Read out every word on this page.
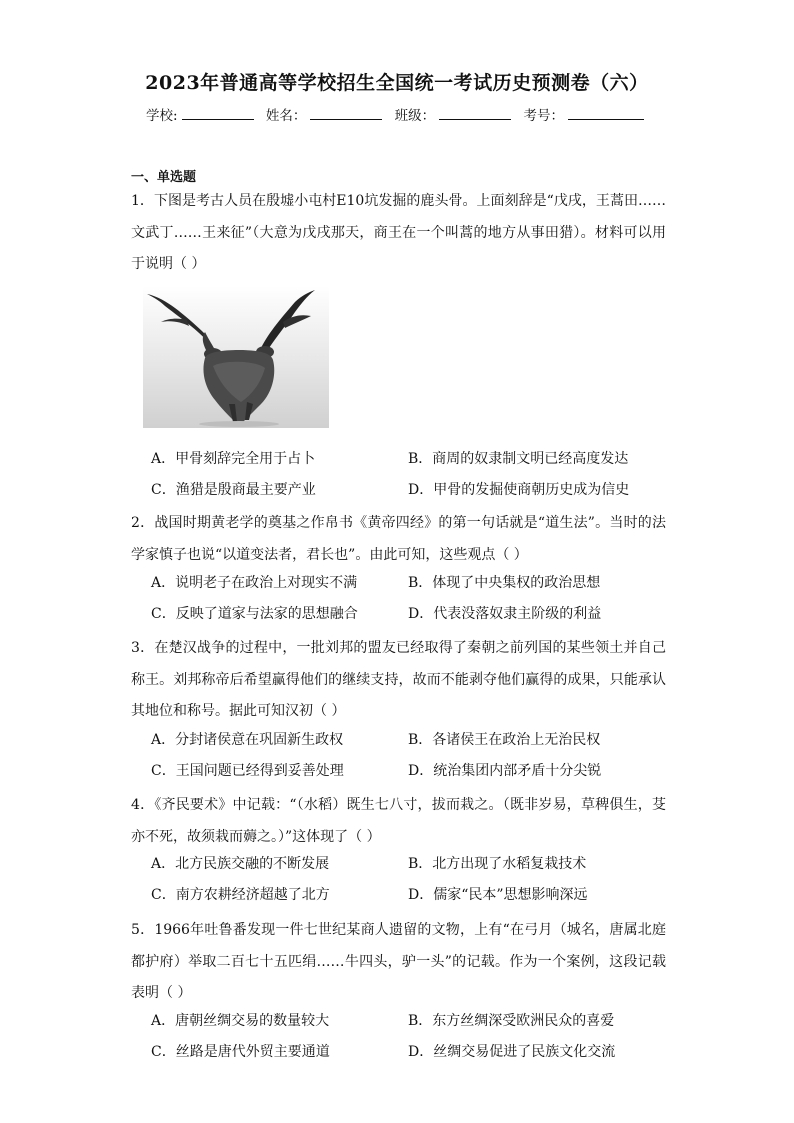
2023年普通高等学校招生全国统一考试历史预测卷（六）
学校:	姓名：	班级：	考号：
一、单选题
1．下图是考古人员在殷墟小屯村E10坑发掘的鹿头骨。上面刻辞是“戊戌，王蒿田……文武丁……王来征”（大意为戊戌那天，商王在一个叫蒿的地方从事田猎）。材料可以用于说明（ ）
A．甲骨刻辞完全用于占卜	B．商周的奴隶制文明已经高度发达
C．渔猎是殷商最主要产业	D．甲骨的发掘使商朝历史成为信史
2．战国时期黄老学的奠基之作帛书《黄帝四经》的第一句话就是“道生法”。当时的法学家慎子也说“以道变法者，君长也”。由此可知，这些观点（ ）
A．说明老子在政治上对现实不满	B．体现了中央集权的政治思想
C．反映了道家与法家的思想融合	D．代表没落奴隶主阶级的利益
3．在楚汉战争的过程中，一批刘邦的盟友已经取得了秦朝之前列国的某些领土并自己称王。刘邦称帝后希望赢得他们的继续支持，故而不能剥夺他们赢得的成果，只能承认其地位和称号。据此可知汉初（ ）
A．分封诸侯意在巩固新生政权	B．各诸侯王在政治上无治民权
C．王国问题已经得到妥善处理	D．统治集团内部矛盾十分尖锐
4．《齐民要术》中记载：“（水稻）既生七八寸，拔而栽之。（既非岁易，草稗俱生，芟亦不死，故须栽而薅之。）”这体现了（ ）
A．北方民族交融的不断发展	B．北方出现了水稻复栽技术
C．南方农耕经济超越了北方	D．儒家“民本”思想影响深远
5．1966年吐鲁番发现一件七世纪某商人遗留的文物，上有“在弓月（城名，唐属北庭都护府）举取二百七十五匹绢……牛四头，驴一头”的记载。作为一个案例，这段记载表明（ ）
A．唐朝丝绸交易的数量较大	B．东方丝绸深受欧洲民众的喜爱
C．丝路是唐代外贸主要通道	D．丝绸交易促进了民族文化交流
